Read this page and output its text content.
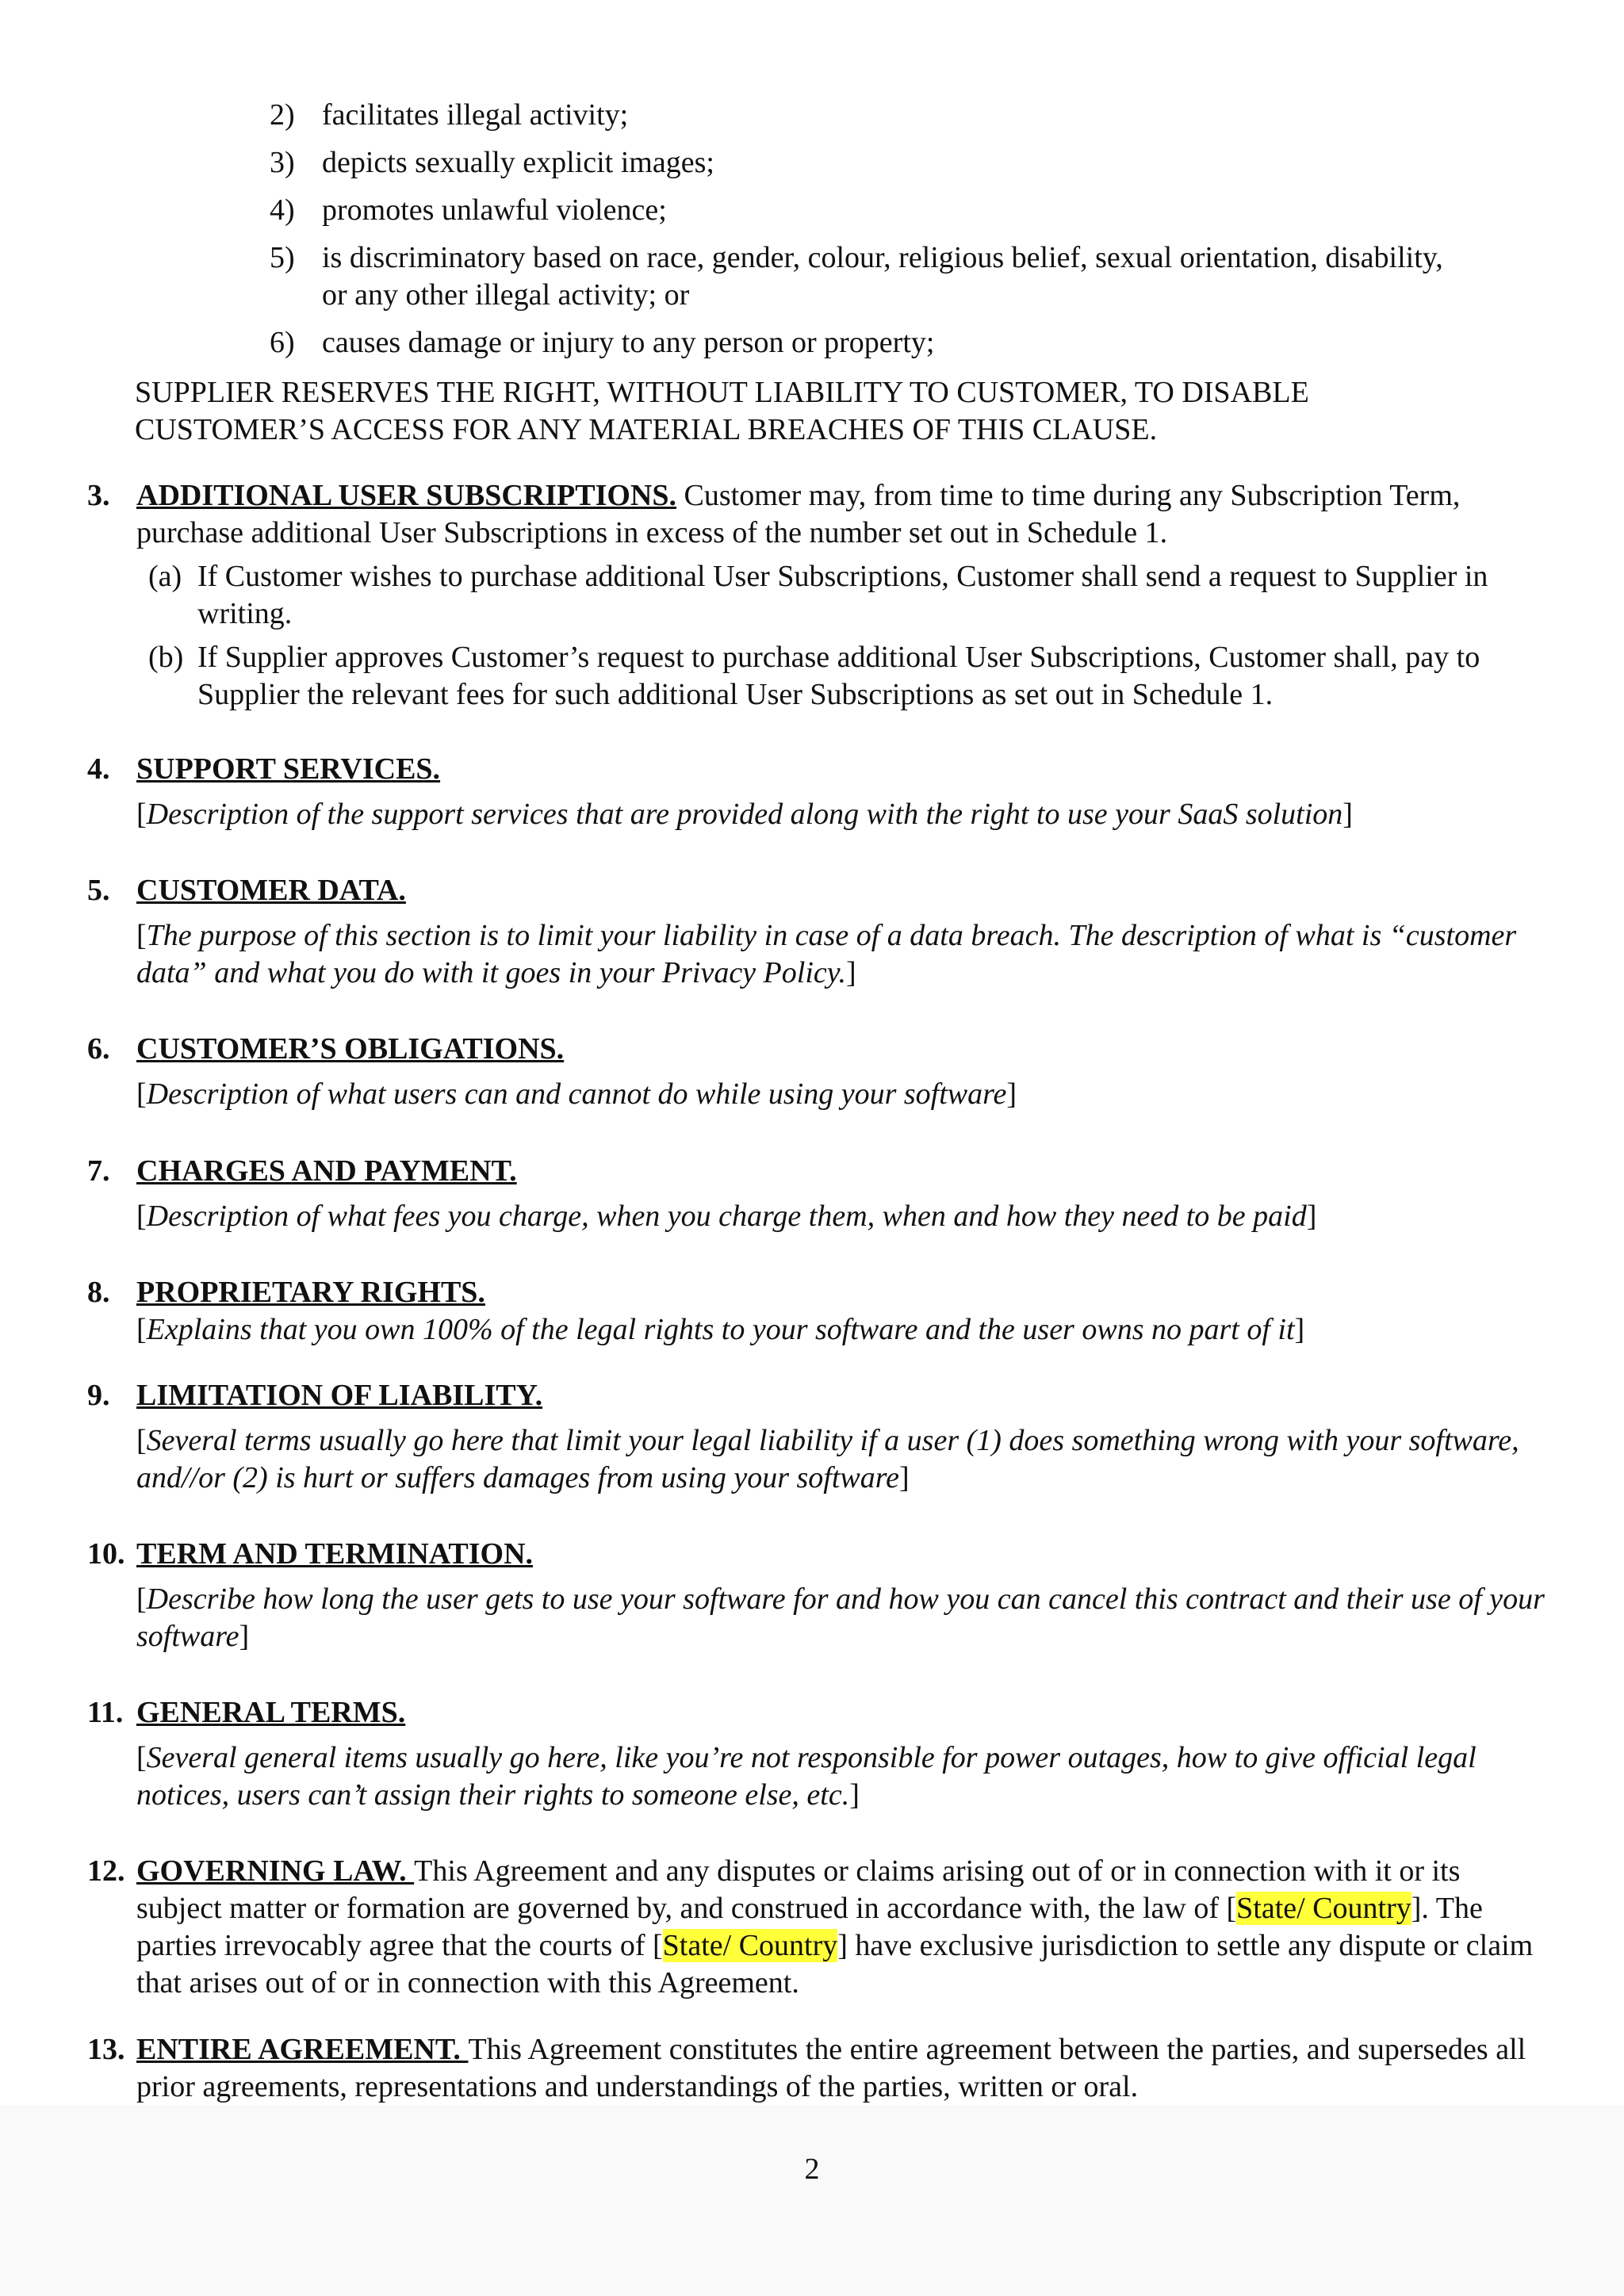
2) facilitates illegal activity;
3) depicts sexually explicit images;
4) promotes unlawful violence;
5) is discriminatory based on race, gender, colour, religious belief, sexual orientation, disability, or any other illegal activity; or
6) causes damage or injury to any person or property;
SUPPLIER RESERVES THE RIGHT, WITHOUT LIABILITY TO CUSTOMER, TO DISABLE CUSTOMER’S ACCESS FOR ANY MATERIAL BREACHES OF THIS CLAUSE.
3. ADDITIONAL USER SUBSCRIPTIONS. Customer may, from time to time during any Subscription Term, purchase additional User Subscriptions in excess of the number set out in Schedule 1.
(a) If Customer wishes to purchase additional User Subscriptions, Customer shall send a request to Supplier in writing.
(b) If Supplier approves Customer’s request to purchase additional User Subscriptions, Customer shall, pay to Supplier the relevant fees for such additional User Subscriptions as set out in Schedule 1.
4. SUPPORT SERVICES.
[Description of the support services that are provided along with the right to use your SaaS solution]
5. CUSTOMER DATA.
[The purpose of this section is to limit your liability in case of a data breach. The description of what is “customer data” and what you do with it goes in your Privacy Policy.]
6. CUSTOMER’S OBLIGATIONS.
[Description of what users can and cannot do while using your software]
7. CHARGES AND PAYMENT.
[Description of what fees you charge, when you charge them, when and how they need to be paid]
8. PROPRIETARY RIGHTS.
[Explains that you own 100% of the legal rights to your software and the user owns no part of it]
9. LIMITATION OF LIABILITY.
[Several terms usually go here that limit your legal liability if a user (1) does something wrong with your software, and//or (2) is hurt or suffers damages from using your software]
10. TERM AND TERMINATION.
[Describe how long the user gets to use your software for and how you can cancel this contract and their use of your software]
11. GENERAL TERMS.
[Several general items usually go here, like you’re not responsible for power outages, how to give official legal notices, users can’t assign their rights to someone else, etc.]
12. GOVERNING LAW. This Agreement and any disputes or claims arising out of or in connection with it or its subject matter or formation are governed by, and construed in accordance with, the law of [State/ Country]. The parties irrevocably agree that the courts of [State/ Country] have exclusive jurisdiction to settle any dispute or claim that arises out of or in connection with this Agreement.
13. ENTIRE AGREEMENT. This Agreement constitutes the entire agreement between the parties, and supersedes all prior agreements, representations and understandings of the parties, written or oral.
2
